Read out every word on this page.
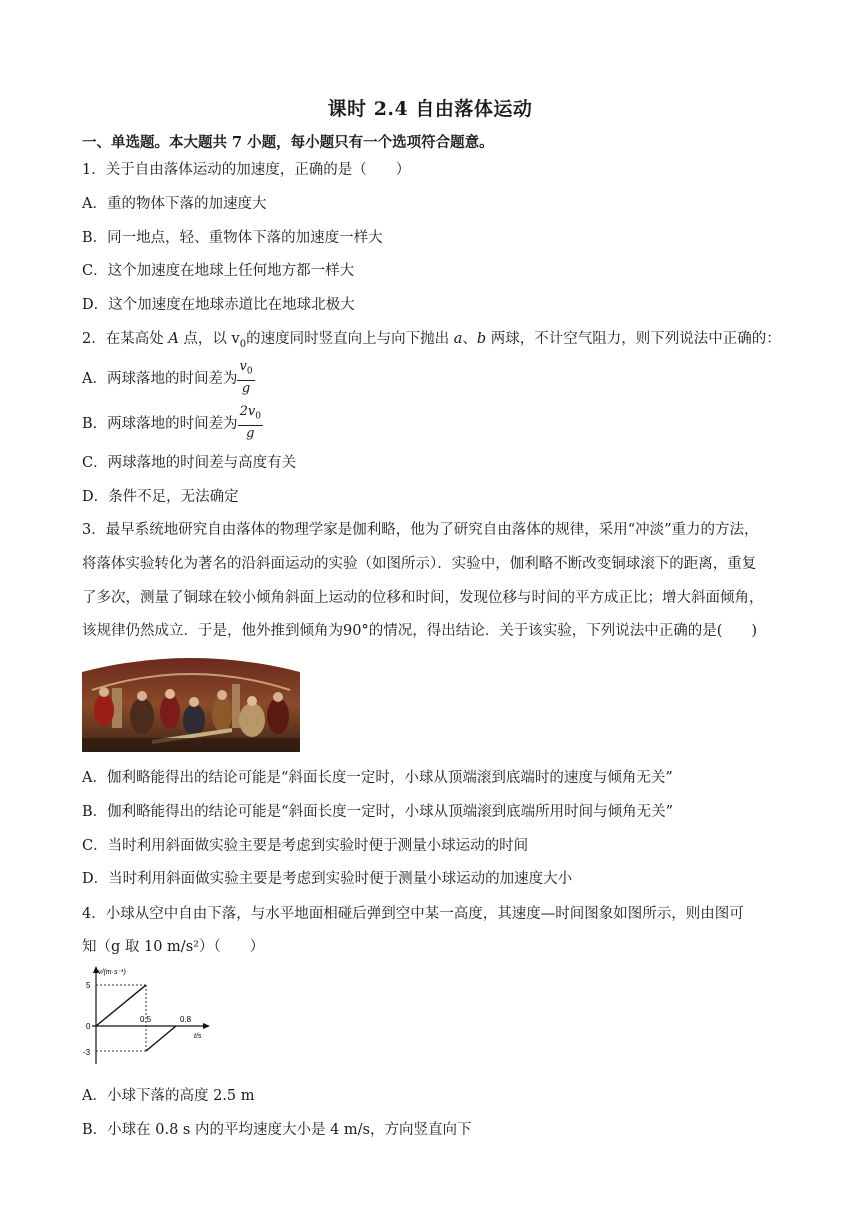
课时 2.4 自由落体运动
一、单选题。本大题共 7 小题，每小题只有一个选项符合题意。
1．关于自由落体运动的加速度，正确的是（　　）
A．重的物体下落的加速度大
B．同一地点，轻、重物体下落的加速度一样大
C．这个加速度在地球上任何地方都一样大
D．这个加速度在地球赤道比在地球北极大
2．在某高处 A 点，以 $v_0$的速度同时竖直向上与向下抛出 a、b 两球，不计空气阻力，则下列说法中正确的：
A．两球落地的时间差为 $\frac{v_0}{g}$
B．两球落地的时间差为 $\frac{2v_0}{g}$
C．两球落地的时间差与高度有关
D．条件不足，无法确定
3．最早系统地研究自由落体的物理学家是伽利略，他为了研究自由落体的规律，采用“冲淡”重力的方法，
将落体实验转化为著名的沿斜面运动的实验（如图所示）．实验中，伽利略不断改变铜球滚下的距离，重复
了多次，测量了铜球在较小倾角斜面上运动的位移和时间，发现位移与时间的平方成正比；增大斜面倾角，
该规律仍然成立．于是，他外推到倾角为90°的情况，得出结论．关于该实验，下列说法中正确的是(　　)
A．伽利略能得出的结论可能是“斜面长度一定时，小球从顶端滚到底端时的速度与倾角无关”
B．伽利略能得出的结论可能是“斜面长度一定时，小球从顶端滚到底端所用时间与倾角无关”
C．当时利用斜面做实验主要是考虑到实验时便于测量小球运动的时间
D．当时利用斜面做实验主要是考虑到实验时便于测量小球运动的加速度大小
4．小球从空中自由下落，与水平地面相碰后弹到空中某一高度，其速度—时间图象如图所示，则由图可
知（g 取 10 m/s²）（　　）
v/(m·s⁻¹)
t/s
5
0
-3
0.5	0.8
A．小球下落的高度 2.5 m
B．小球在 0.8 s 内的平均速度大小是 4 m/s，方向竖直向下
